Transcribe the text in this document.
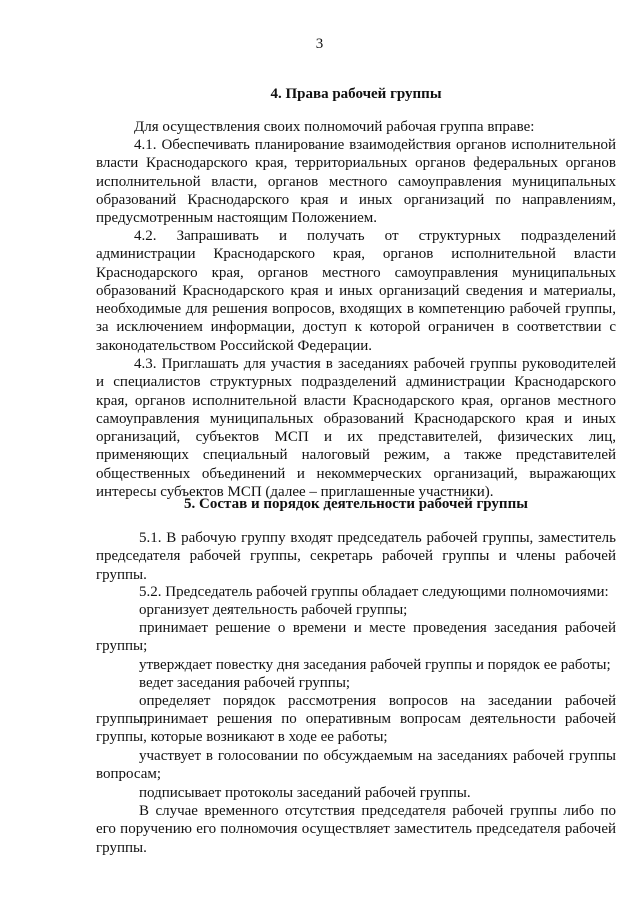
3
4. Права рабочей группы

Для осуществления своих полномочий рабочая группа вправе:

4.1. Обеспечивать планирование взаимодействия органов исполнительной власти Краснодарского края, территориальных органов федеральных органов исполнительной власти, органов местного самоуправления муниципальных образований Краснодарского края и иных организаций по направлениям, предусмотренным настоящим Положением.

4.2. Запрашивать и получать от структурных подразделений администрации Краснодарского края, органов исполнительной власти Краснодарского края, органов местного самоуправления муниципальных образований Краснодарского края и иных организаций сведения и материалы, необходимые для решения вопросов, входящих в компетенцию рабочей группы, за исключением информации, доступ к которой ограничен в соответствии с законодательством Российской Федерации.

4.3. Приглашать для участия в заседаниях рабочей группы руководителей и специалистов структурных подразделений администрации Краснодарского края, органов исполнительной власти Краснодарского края, органов местного самоуправления муниципальных образований Краснодарского края и иных организаций, субъектов МСП и их представителей, физических лиц, применяющих специальный налоговый режим, а также представителей общественных объединений и некоммерческих организаций, выражающих интересы субъектов МСП (далее – приглашенные участники).

5. Состав и порядок деятельности рабочей группы

5.1. В рабочую группу входят председатель рабочей группы, заместитель председателя рабочей группы, секретарь рабочей группы и члены рабочей группы.

5.2. Председатель рабочей группы обладает следующими полномочиями:

организует деятельность рабочей группы;

принимает решение о времени и месте проведения заседания рабочей группы;

утверждает повестку дня заседания рабочей группы и порядок ее работы;

ведет заседания рабочей группы;

определяет порядок рассмотрения вопросов на заседании рабочей группы;

принимает решения по оперативным вопросам деятельности рабочей группы, которые возникают в ходе ее работы;

участвует в голосовании по обсуждаемым на заседаниях рабочей группы вопросам;

подписывает протоколы заседаний рабочей группы.

В случае временного отсутствия председателя рабочей группы либо по его поручению его полномочия осуществляет заместитель председателя рабочей группы.
